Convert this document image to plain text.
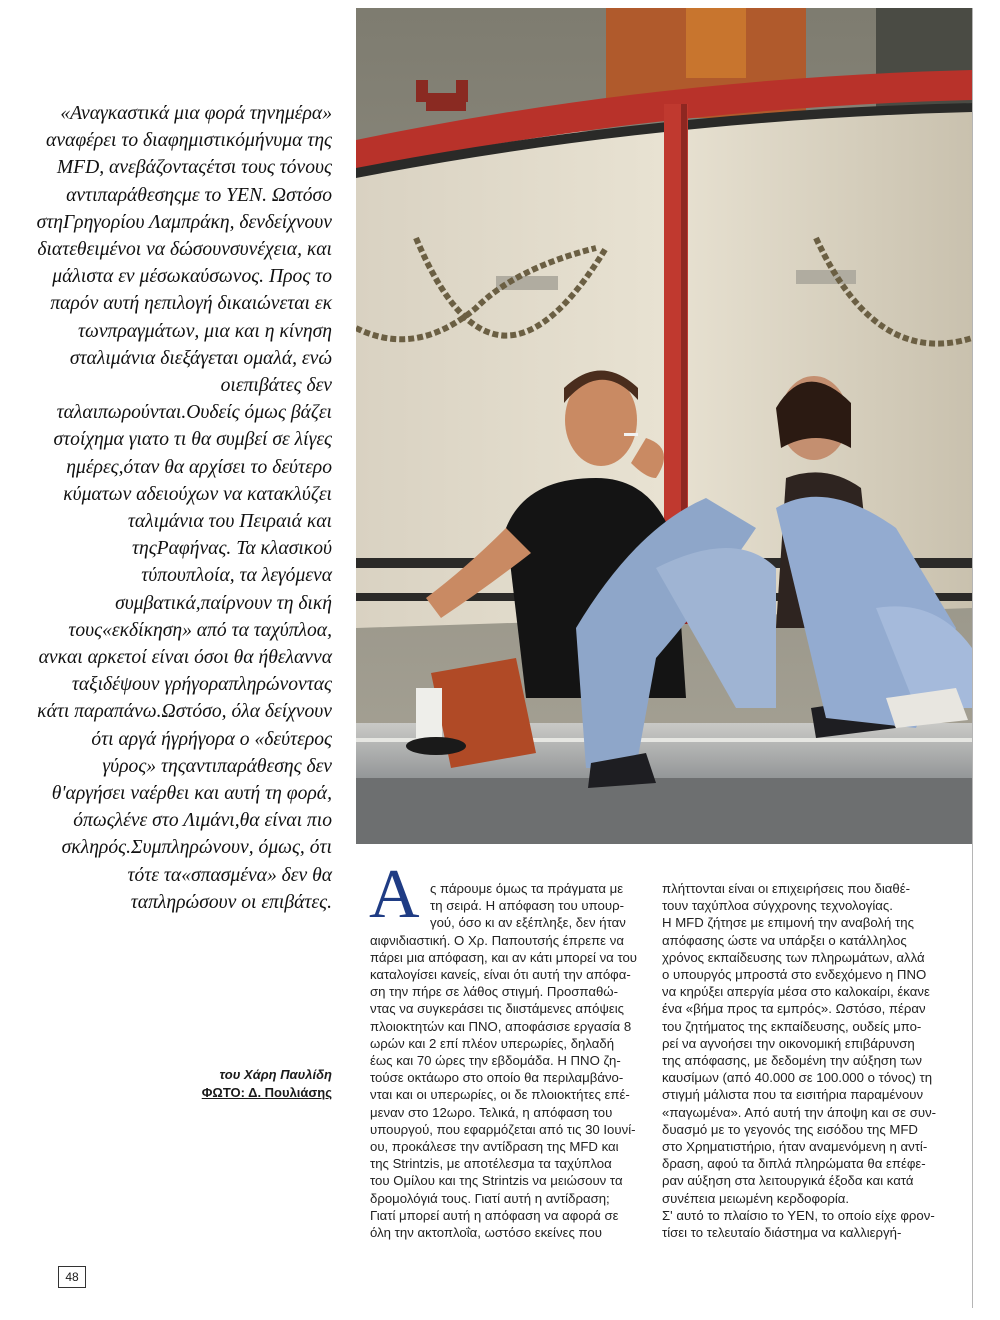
«Αναγκαστικά μια φορά τηνημέρα» αναφέρει το διαφημιστικόμήνυμα της MFD, ανεβάζονταςέτσι τους τόνους αντιπαράθεσηςμε το ΥΕΝ. Ωστόσο στηΓρηγορίου Λαμπράκη, δενδείχνουν διατεθειμένοι να δώσουνσυνέχεια, και μάλιστα εν μέσωκαύσωνος. Προς το παρόν αυτή ηεπιλογή δικαιώνεται εκ τωνπραγμάτων, μια και η κίνηση σταλιμάνια διεξάγεται ομαλά, ενώ οιεπιβάτες δεν ταλαιπωρούνται.Ουδείς όμως βάζει στοίχημα γιατο τι θα συμβεί σε λίγες ημέρες,όταν θα αρχίσει το δεύτερο κύματων αδειούχων να κατακλύζει ταλιμάνια του Πειραιά και τηςΡαφήνας. Τα κλασικού τύπουπλοία, τα λεγόμενα συμβατικά,παίρνουν τη δική τους«εκδίκηση» από τα ταχύπλοα, ανκαι αρκετοί είναι όσοι θα ήθελαννα ταξιδέψουν γρήγοραπληρώνοντας κάτι παραπάνω.Ωστόσο, όλα δείχνουν ότι αργά ήγρήγορα ο «δεύτερος γύρος» τηςαντιπαράθεσης δεν θ'αργήσει ναέρθει και αυτή τη φορά, όπωςλένε στο Λιμάνι,θα είναι πιο σκληρός.Συμπληρώνουν, όμως, ότι τότε τα«σπασμένα» δεν θα ταπληρώσουν οι επιβάτες.
του Χάρη Παυλίδη
ΦΩΤΟ: Δ. Πουλιάσης
48
Α ς πάρουμε όμως τα πράγματα με
τη σειρά. Η απόφαση του υπουρ-
γού, όσο κι αν εξέπληξε, δεν ήταν
αιφνιδιαστική. Ο Χρ. Παπουτσής έπρεπε να
πάρει μια απόφαση, και αν κάτι μπορεί να του
καταλογίσει κανείς, είναι ότι αυτή την απόφα-
ση την πήρε σε λάθος στιγμή. Προσπαθώ-
ντας να συγκεράσει τις διιστάμενες απόψεις
πλοιοκτητών και ΠΝΟ, αποφάσισε εργασία 8
ωρών και 2 επί πλέον υπερωρίες, δηλαδή
έως και 70 ώρες την εβδομάδα. Η ΠΝΟ ζη-
τούσε οκτάωρο στο οποίο θα περιλαμβάνο-
νται και οι υπερωρίες, οι δε πλοιοκτήτες επέ-
μεναν στο 12ωρο. Τελικά, η απόφαση του
υπουργού, που εφαρμόζεται από τις 30 Ιουνί-
ου, προκάλεσε την αντίδραση της MFD και
της Strintzis, με αποτέλεσμα τα ταχύπλοα
του Ομίλου και της Strintzis να μειώσουν τα
δρομολόγιά τους. Γιατί αυτή η αντίδραση;
Γιατί μπορεί αυτή η απόφαση να αφορά σε
όλη την ακτοπλοΐα, ωστόσο εκείνες που
πλήττονται είναι οι επιχειρήσεις που διαθέ-
τουν ταχύπλοα σύγχρονης τεχνολογίας.
Η MFD ζήτησε με επιμονή την αναβολή της
απόφασης ώστε να υπάρξει ο κατάλληλος
χρόνος εκπαίδευσης των πληρωμάτων, αλλά
ο υπουργός μπροστά στο ενδεχόμενο η ΠΝΟ
να κηρύξει απεργία μέσα στο καλοκαίρι, έκανε
ένα «βήμα προς τα εμπρός». Ωστόσο, πέραν
του ζητήματος της εκπαίδευσης, ουδείς μπο-
ρεί να αγνοήσει την οικονομική επιβάρυνση
της απόφασης, με δεδομένη την αύξηση των
καυσίμων (από 40.000 σε 100.000 ο τόνος) τη
στιγμή μάλιστα που τα εισιτήρια παραμένουν
«παγωμένα». Από αυτή την άποψη και σε συν-
δυασμό με το γεγονός της εισόδου της MFD
στο Χρηματιστήριο, ήταν αναμενόμενη η αντί-
δραση, αφού τα διπλά πληρώματα θα επέφε-
ραν αύξηση στα λειτουργικά έξοδα και κατά
συνέπεια μειωμένη κερδοφορία.
Σ' αυτό το πλαίσιο το ΥΕΝ, το οποίο είχε φρον-
τίσει το τελευταίο διάστημα να καλλιεργή-
